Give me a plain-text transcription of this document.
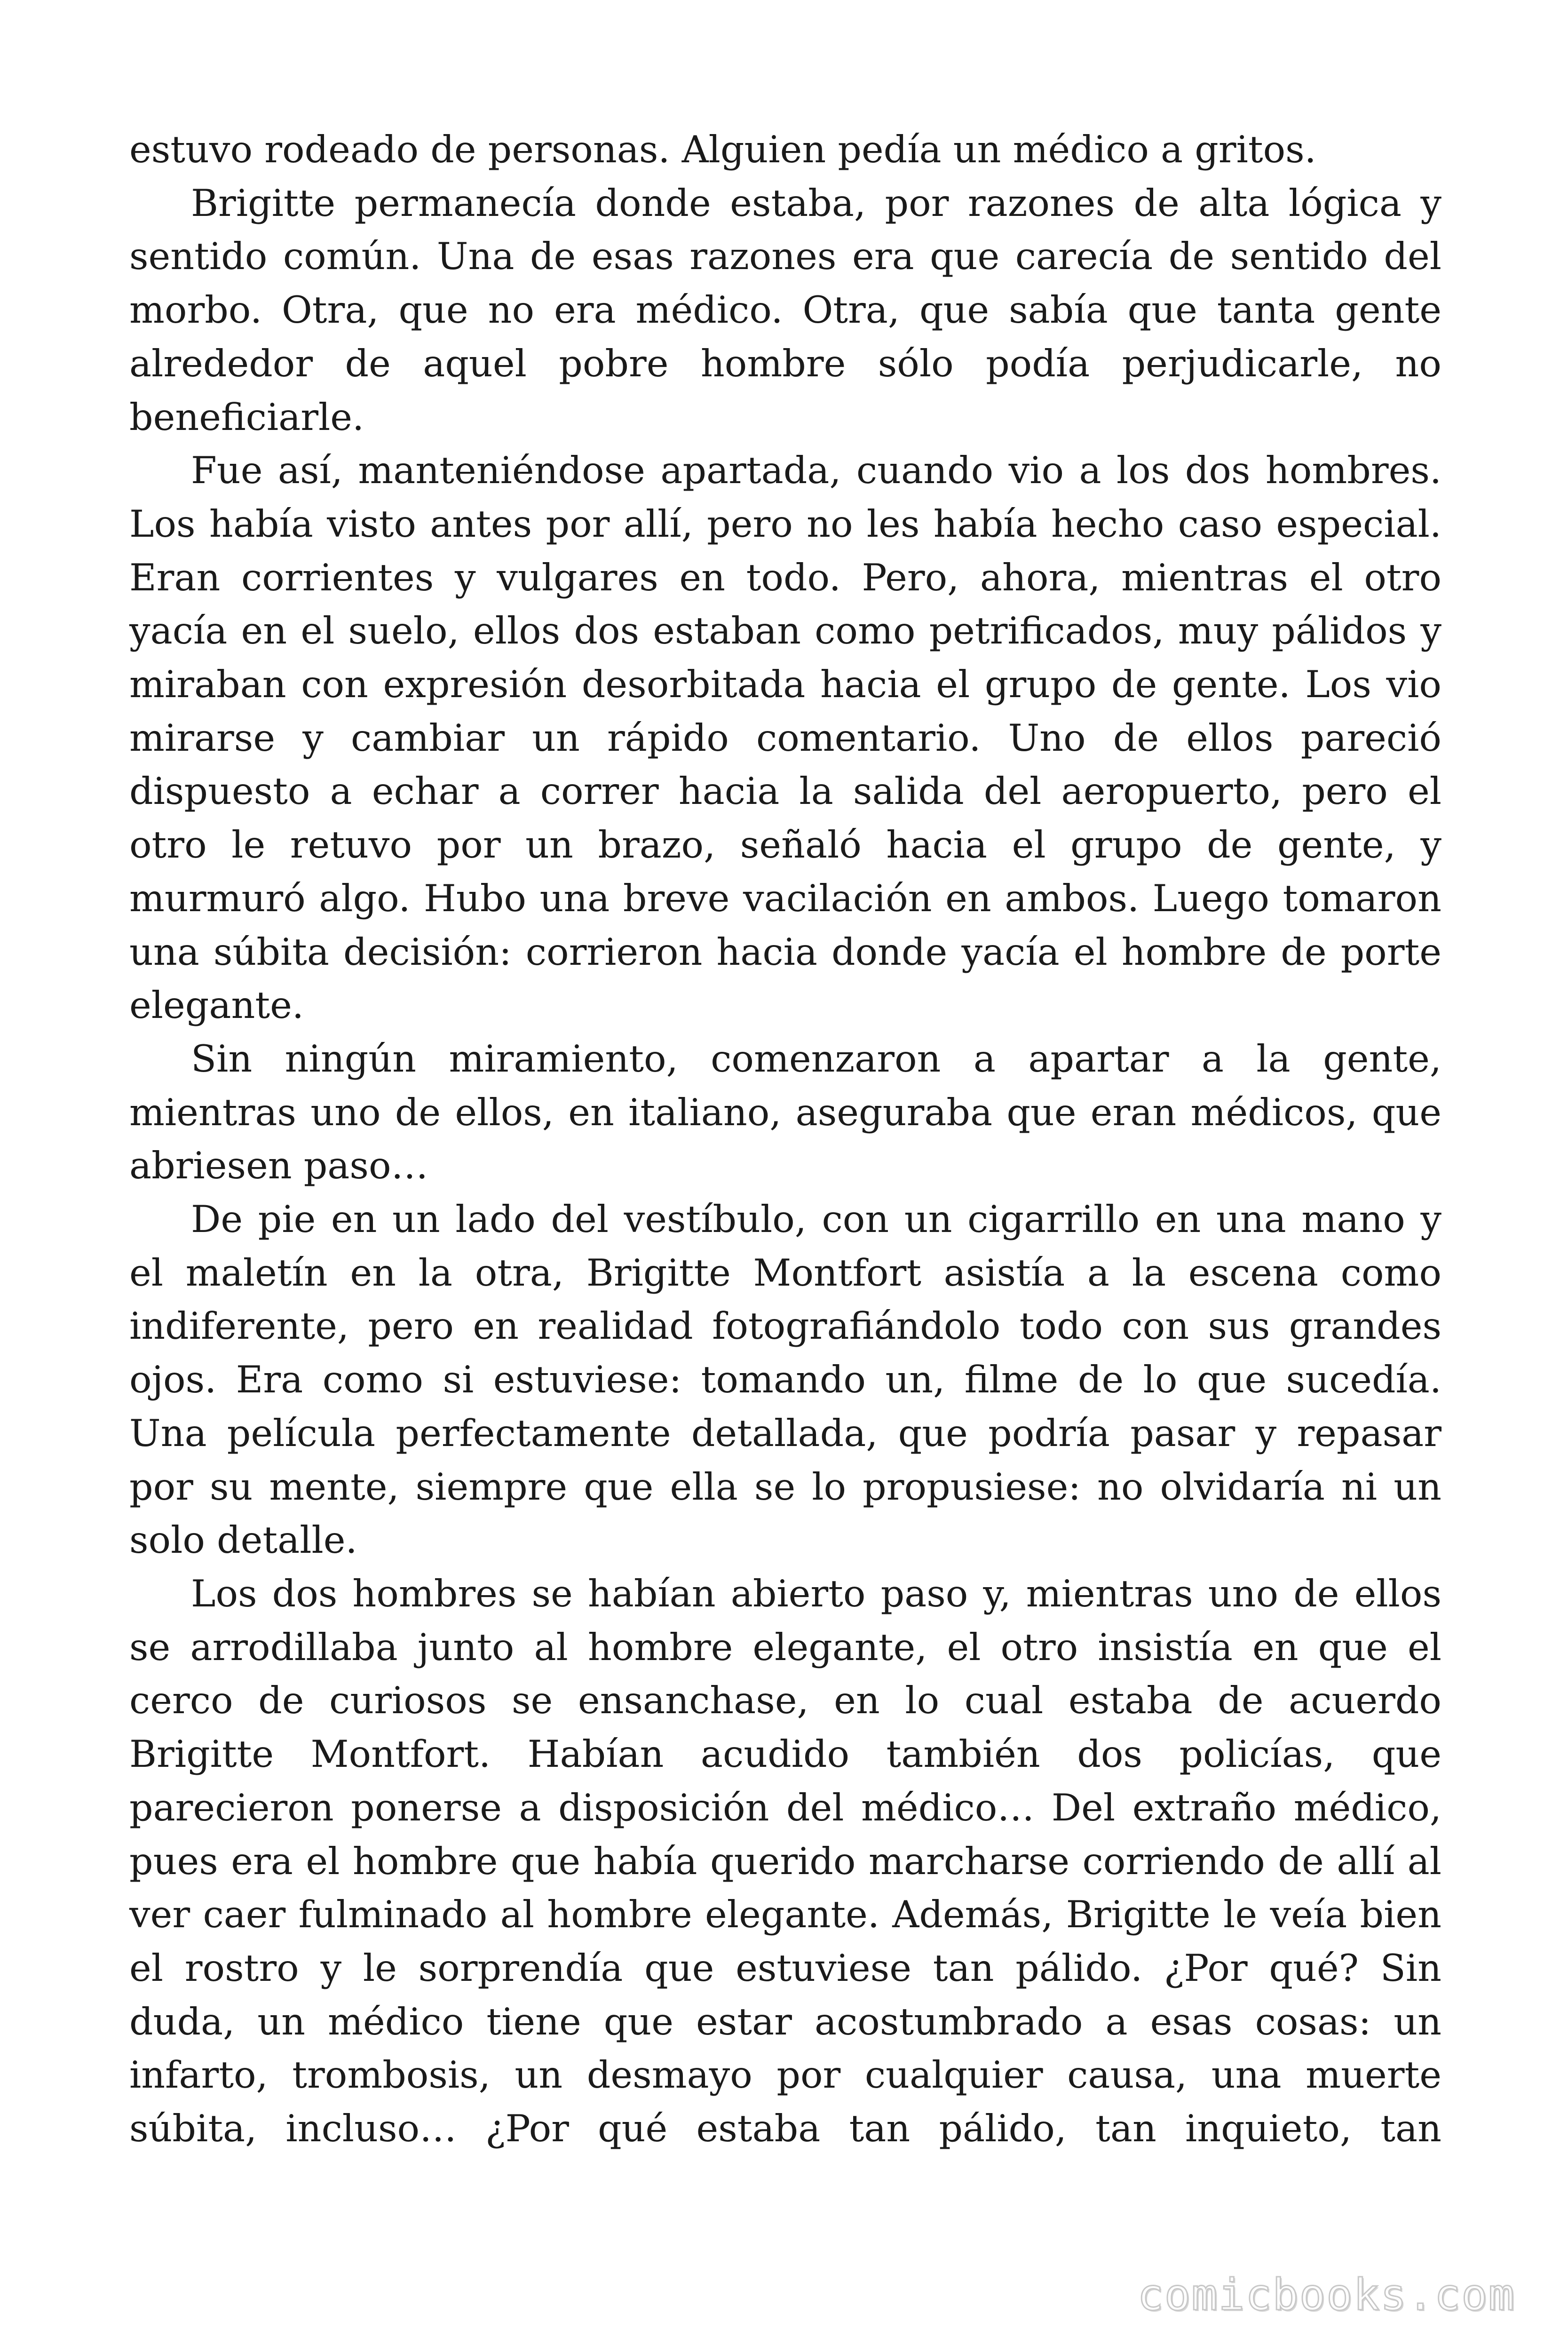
estuvo rodeado de personas. Alguien pedía un médico a gritos.

Brigitte permanecía donde estaba, por razones de alta lógica y sentido común. Una de esas razones era que carecía de sentido del morbo. Otra, que no era médico. Otra, que sabía que tanta gente alrededor de aquel pobre hombre sólo podía perjudicarle, no beneficiarle.

Fue así, manteniéndose apartada, cuando vio a los dos hombres. Los había visto antes por allí, pero no les había hecho caso especial. Eran corrientes y vulgares en todo. Pero, ahora, mientras el otro yacía en el suelo, ellos dos estaban como petrificados, muy pálidos y miraban con expresión desorbitada hacia el grupo de gente. Los vio mirarse y cambiar un rápido comentario. Uno de ellos pareció dispuesto a echar a correr hacia la salida del aeropuerto, pero el otro le retuvo por un brazo, señaló hacia el grupo de gente, y murmuró algo. Hubo una breve vacilación en ambos. Luego tomaron una súbita decisión: corrieron hacia donde yacía el hombre de porte elegante.

Sin ningún miramiento, comenzaron a apartar a la gente, mientras uno de ellos, en italiano, aseguraba que eran médicos, que abriesen paso…

De pie en un lado del vestíbulo, con un cigarrillo en una mano y el maletín en la otra, Brigitte Montfort asistía a la escena como indiferente, pero en realidad fotografiándolo todo con sus grandes ojos. Era como si estuviese: tomando un, filme de lo que sucedía. Una película perfectamente detallada, que podría pasar y repasar por su mente, siempre que ella se lo propusiese: no olvidaría ni un solo detalle.

Los dos hombres se habían abierto paso y, mientras uno de ellos se arrodillaba junto al hombre elegante, el otro insistía en que el cerco de curiosos se ensanchase, en lo cual estaba de acuerdo Brigitte Montfort. Habían acudido también dos policías, que parecieron ponerse a disposición del médico… Del extraño médico, pues era el hombre que había querido marcharse corriendo de allí al ver caer fulminado al hombre elegante. Además, Brigitte le veía bien el rostro y le sorprendía que estuviese tan pálido. ¿Por qué? Sin duda, un médico tiene que estar acostumbrado a esas cosas: un infarto, trombosis, un desmayo por cualquier causa, una muerte súbita, incluso… ¿Por qué estaba tan pálido, tan inquieto, tan

comicbooks.com
